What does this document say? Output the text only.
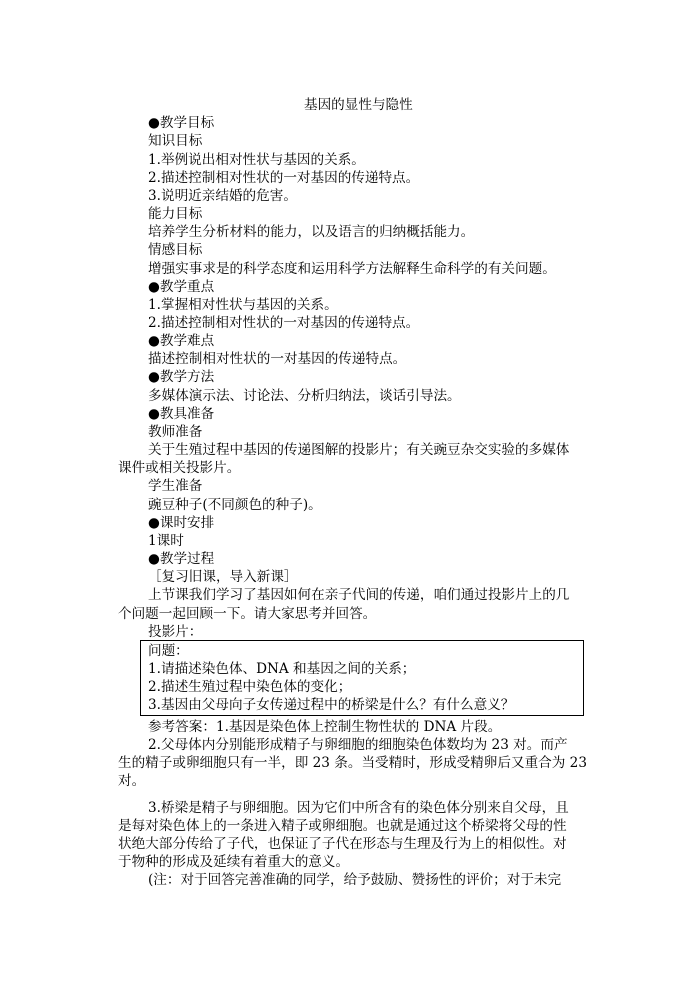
基因的显性与隐性
●教学目标
知识目标
1.举例说出相对性状与基因的关系。
2.描述控制相对性状的一对基因的传递特点。
3.说明近亲结婚的危害。
能力目标
培养学生分析材料的能力，以及语言的归纳概括能力。
情感目标
增强实事求是的科学态度和运用科学方法解释生命科学的有关问题。
●教学重点
1.掌握相对性状与基因的关系。
2.描述控制相对性状的一对基因的传递特点。
●教学难点
描述控制相对性状的一对基因的传递特点。
●教学方法
多媒体演示法、讨论法、分析归纳法，谈话引导法。
●教具准备
教师准备
关于生殖过程中基因的传递图解的投影片；有关豌豆杂交实验的多媒体
课件或相关投影片。
学生准备
豌豆种子(不同颜色的种子)。
●课时安排
1课时
●教学过程
［复习旧课，导入新课］
上节课我们学习了基因如何在亲子代间的传递，咱们通过投影片上的几
个问题一起回顾一下。请大家思考并回答。
投影片：
问题：
1.请描述染色体、DNA 和基因之间的关系；
2.描述生殖过程中染色体的变化；
3.基因由父母向子女传递过程中的桥梁是什么？有什么意义？
参考答案：1.基因是染色体上控制生物性状的 DNA 片段。
2.父母体内分别能形成精子与卵细胞的细胞染色体数均为 23 对。而产
生的精子或卵细胞只有一半，即 23 条。当受精时，形成受精卵后又重合为 23
对。
3.桥梁是精子与卵细胞。因为它们中所含有的染色体分别来自父母，且
是每对染色体上的一条进入精子或卵细胞。也就是通过这个桥梁将父母的性
状绝大部分传给了子代，也保证了子代在形态与生理及行为上的相似性。对
于物种的形成及延续有着重大的意义。
(注：对于回答完善准确的同学，给予鼓励、赞扬性的评价；对于未完
